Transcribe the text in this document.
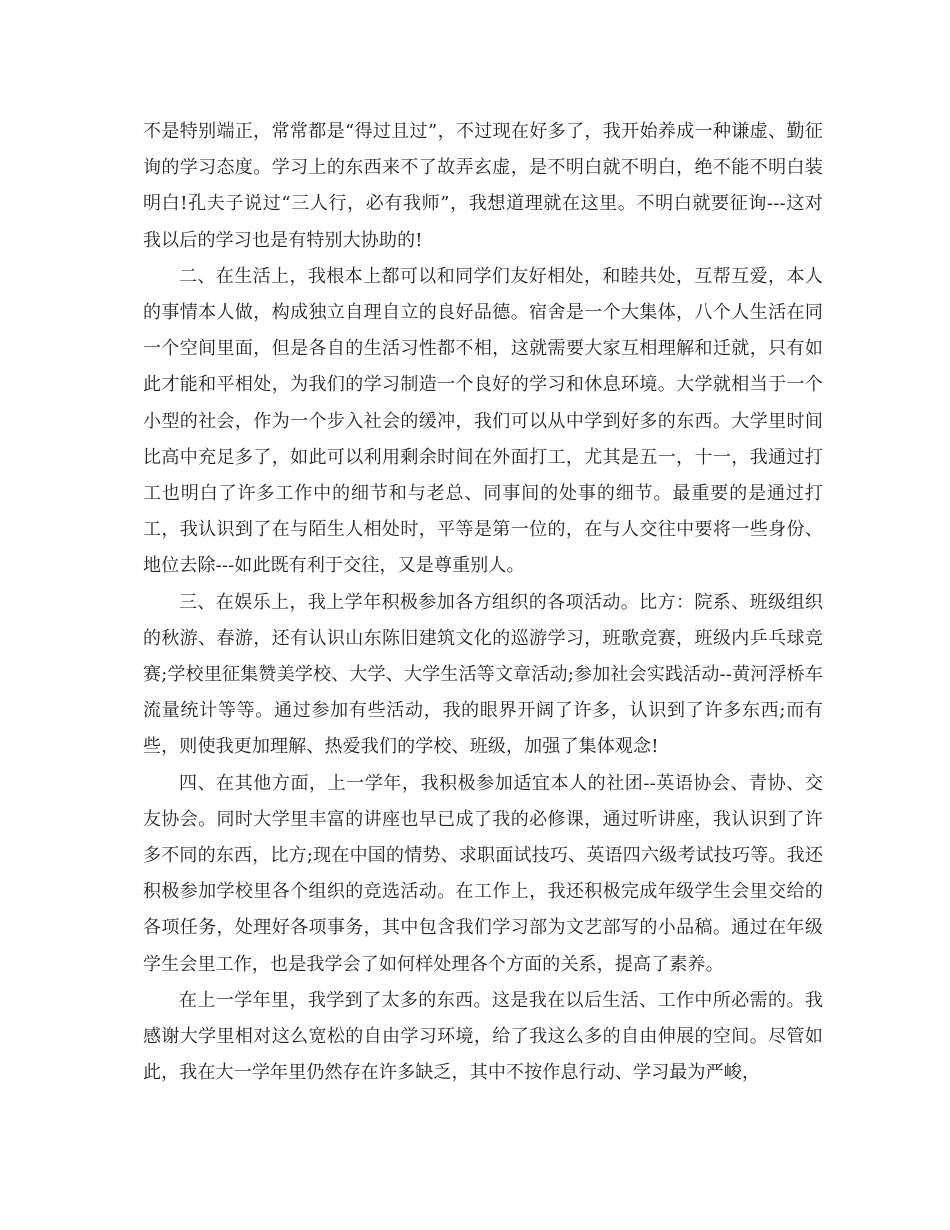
不是特别端正，常常都是“得过且过”，不过现在好多了，我开始养成一种谦虚、勤征询的学习态度。学习上的东西来不了故弄玄虚，是不明白就不明白，绝不能不明白装明白!孔夫子说过“三人行，必有我师”，我想道理就在这里。不明白就要征询---这对我以后的学习也是有特别大协助的!

二、在生活上，我根本上都可以和同学们友好相处，和睦共处，互帮互爱，本人的事情本人做，构成独立自理自立的良好品德。宿舍是一个大集体，八个人生活在同一个空间里面，但是各自的生活习性都不相，这就需要大家互相理解和迁就，只有如此才能和平相处，为我们的学习制造一个良好的学习和休息环境。大学就相当于一个小型的社会，作为一个步入社会的缓冲，我们可以从中学到好多的东西。大学里时间比高中充足多了，如此可以利用剩余时间在外面打工，尤其是五一，十一，我通过打工也明白了许多工作中的细节和与老总、同事间的处事的细节。最重要的是通过打工，我认识到了在与陌生人相处时，平等是第一位的，在与人交往中要将一些身份、地位去除---如此既有利于交往，又是尊重别人。

三、在娱乐上，我上学年积极参加各方组织的各项活动。比方：院系、班级组织的秋游、春游，还有认识山东陈旧建筑文化的巡游学习，班歌竞赛，班级内乒乓球竞赛;学校里征集赞美学校、大学、大学生活等文章活动;参加社会实践活动--黄河浮桥车流量统计等等。通过参加有些活动，我的眼界开阔了许多，认识到了许多东西;而有些，则使我更加理解、热爱我们的学校、班级，加强了集体观念!

四、在其他方面，上一学年，我积极参加适宜本人的社团--英语协会、青协、交友协会。同时大学里丰富的讲座也早已成了我的必修课，通过听讲座，我认识到了许多不同的东西，比方;现在中国的情势、求职面试技巧、英语四六级考试技巧等。我还积极参加学校里各个组织的竞选活动。在工作上，我还积极完成年级学生会里交给的各项任务，处理好各项事务，其中包含我们学习部为文艺部写的小品稿。通过在年级学生会里工作，也是我学会了如何样处理各个方面的关系，提高了素养。

在上一学年里，我学到了太多的东西。这是我在以后生活、工作中所必需的。我感谢大学里相对这么宽松的自由学习环境，给了我这么多的自由伸展的空间。尽管如此，我在大一学年里仍然存在许多缺乏，其中不按作息行动、学习最为严峻，
